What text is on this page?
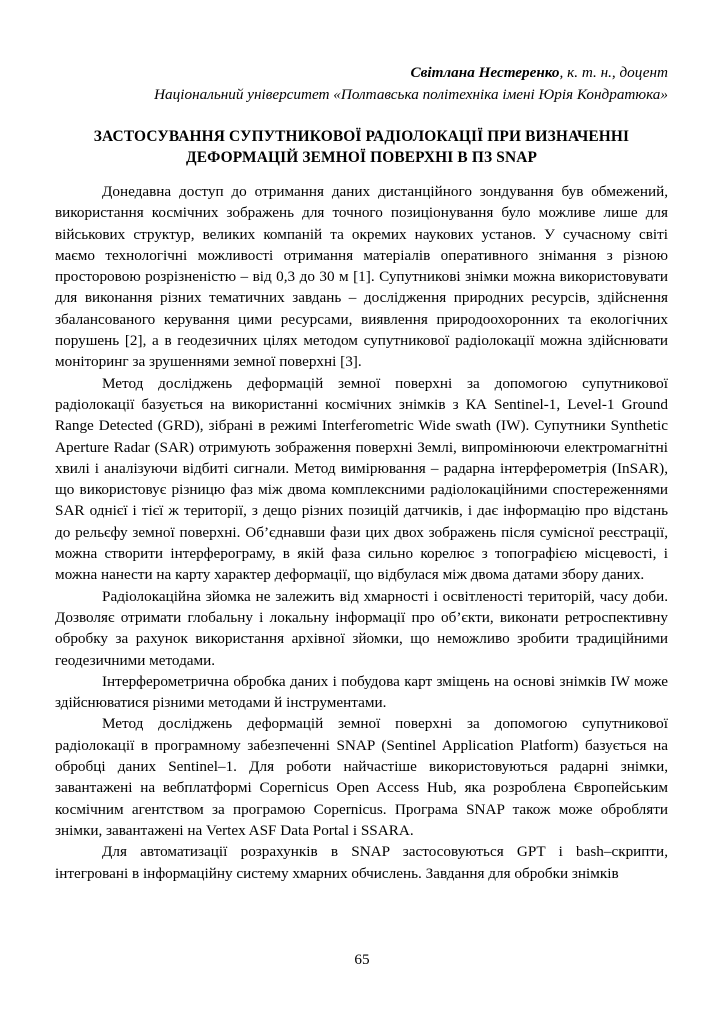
Світлана Нестеренко, к. т. н., доцент
Національний університет «Полтавська політехніка імені Юрія Кондратюка»
ЗАСТОСУВАННЯ СУПУТНИКОВОЇ РАДІОЛОКАЦІЇ ПРИ ВИЗНАЧЕННІ
ДЕФОРМАЦІЙ ЗЕМНОЇ ПОВЕРХНІ В ПЗ SNAP

Донедавна доступ до отримання даних дистанційного зондування був обмежений, використання космічних зображень для точного позиціонування було можливе лише для військових структур, великих компаній та окремих наукових установ. У сучасному світі маємо технологічні можливості отримання матеріалів оперативного знімання з різною просторовою розрізненістю – від 0,3 до 30 м [1]. Супутникові знімки можна використовувати для виконання різних тематичних завдань – дослідження природних ресурсів, здійснення збалансованого керування цими ресурсами, виявлення природоохоронних та екологічних порушень [2], а в геодезичних цілях методом супутникової радіолокації можна здійснювати моніторинг за зрушеннями земної поверхні [3].

Метод досліджень деформацій земної поверхні за допомогою супутникової радіолокації базується на використанні космічних знімків з КА Sentinel-1, Level-1 Ground Range Detected (GRD), зібрані в режимі Interferometric Wide swath (IW). Супутники Synthetic Aperture Radar (SAR) отримують зображення поверхні Землі, випромінюючи електромагнітні хвилі і аналізуючи відбиті сигнали. Метод вимірювання – радарна інтерферометрія (InSAR), що використовує різницю фаз між двома комплексними радіолокаційними спостереженнями SAR однієї і тієї ж території, з дещо різних позицій датчиків, і дає інформацію про відстань до рельєфу земної поверхні. Об’єднавши фази цих двох зображень після сумісної реєстрації, можна створити інтерферограму, в якій фаза сильно корелює з топографією місцевості, і можна нанести на карту характер деформації, що відбулася між двома датами збору даних.

Радіолокаційна зйомка не залежить від хмарності і освітленості територій, часу доби. Дозволяє отримати глобальну і локальну інформації про об’єкти, виконати ретроспективну обробку за рахунок використання архівної зйомки, що неможливо зробити традиційними геодезичними методами.

Інтерферометрична обробка даних і побудова карт зміщень на основі знімків IW може здійснюватися різними методами й інструментами.

Метод досліджень деформацій земної поверхні за допомогою супутникової радіолокації в програмному забезпеченні SNAP (Sentinel Application Platform) базується на обробці даних Sentinel–1. Для роботи найчастіше використовуються радарні знімки, завантажені на вебплатформі Copernicus Open Access Hub, яка розроблена Європейським космічним агентством за програмою Copernicus. Програма SNAP також може обробляти знімки, завантажені на Vertex ASF Data Portal і SSARA.

Для автоматизації розрахунків в SNAP застосовуються GPT і bash–скрипти, інтегровані в інформаційну систему хмарних обчислень. Завдання для обробки знімків

65
